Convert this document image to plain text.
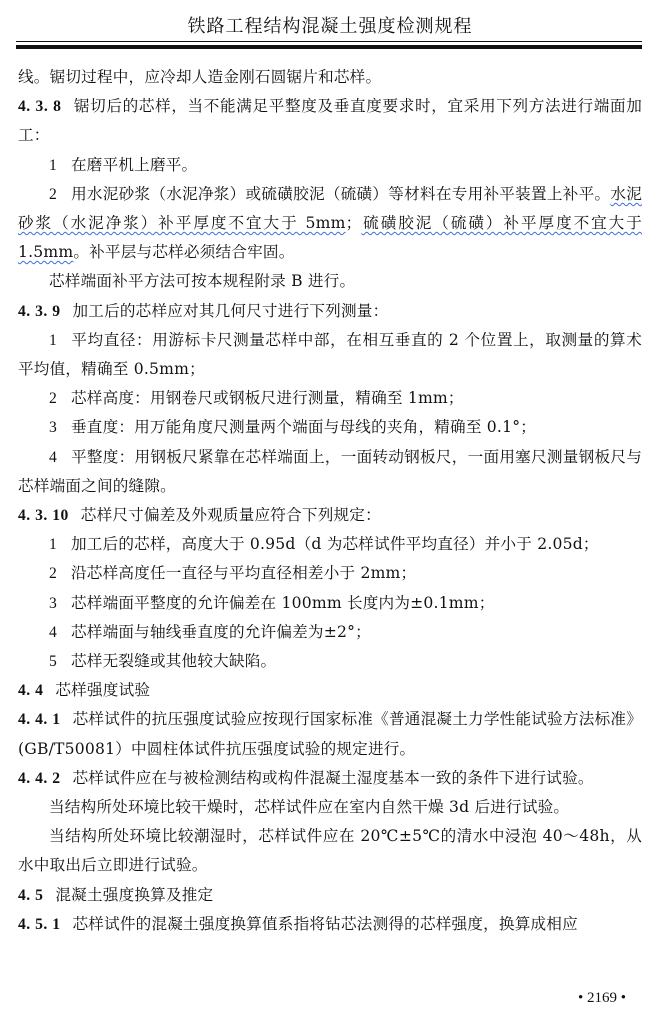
铁路工程结构混凝土强度检测规程

线。锯切过程中，应冷却人造金刚石圆锯片和芯样。

4. 3. 8 锯切后的芯样，当不能满足平整度及垂直度要求时，宜采用下列方法进行端面加工：

1 在磨平机上磨平。

2 用水泥砂浆（水泥净浆）或硫磺胶泥（硫磺）等材料在专用补平装置上补平。水泥砂浆（水泥净浆）补平厚度不宜大于 5mm；硫磺胶泥（硫磺）补平厚度不宜大于 1.5mm。补平层与芯样必须结合牢固。

芯样端面补平方法可按本规程附录 B 进行。

4. 3. 9 加工后的芯样应对其几何尺寸进行下列测量：

1 平均直径：用游标卡尺测量芯样中部，在相互垂直的 2 个位置上，取测量的算术平均值，精确至 0.5mm；

2 芯样高度：用钢卷尺或钢板尺进行测量，精确至 1mm；

3 垂直度：用万能角度尺测量两个端面与母线的夹角，精确至 0.1°；

4 平整度：用钢板尺紧靠在芯样端面上，一面转动钢板尺，一面用塞尺测量钢板尺与芯样端面之间的缝隙。

4. 3. 10 芯样尺寸偏差及外观质量应符合下列规定：

1 加工后的芯样，高度大于 0.95d（d 为芯样试件平均直径）并小于 2.05d；

2 沿芯样高度任一直径与平均直径相差小于 2mm；

3 芯样端面平整度的允许偏差在 100mm 长度内为±0.1mm；

4 芯样端面与轴线垂直度的允许偏差为±2°；

5 芯样无裂缝或其他较大缺陷。

4. 4 芯样强度试验

4. 4. 1 芯样试件的抗压强度试验应按现行国家标准《普通混凝土力学性能试验方法标准》(GB/T50081）中圆柱体试件抗压强度试验的规定进行。

4. 4. 2 芯样试件应在与被检测结构或构件混凝土湿度基本一致的条件下进行试验。

当结构所处环境比较干燥时，芯样试件应在室内自然干燥 3d 后进行试验。

当结构所处环境比较潮湿时，芯样试件应在 20℃±5℃的清水中浸泡 40～48h，从水中取出后立即进行试验。

4. 5 混凝土强度换算及推定

4. 5. 1 芯样试件的混凝土强度换算值系指将钻芯法测得的芯样强度，换算成相应

• 2169 •
